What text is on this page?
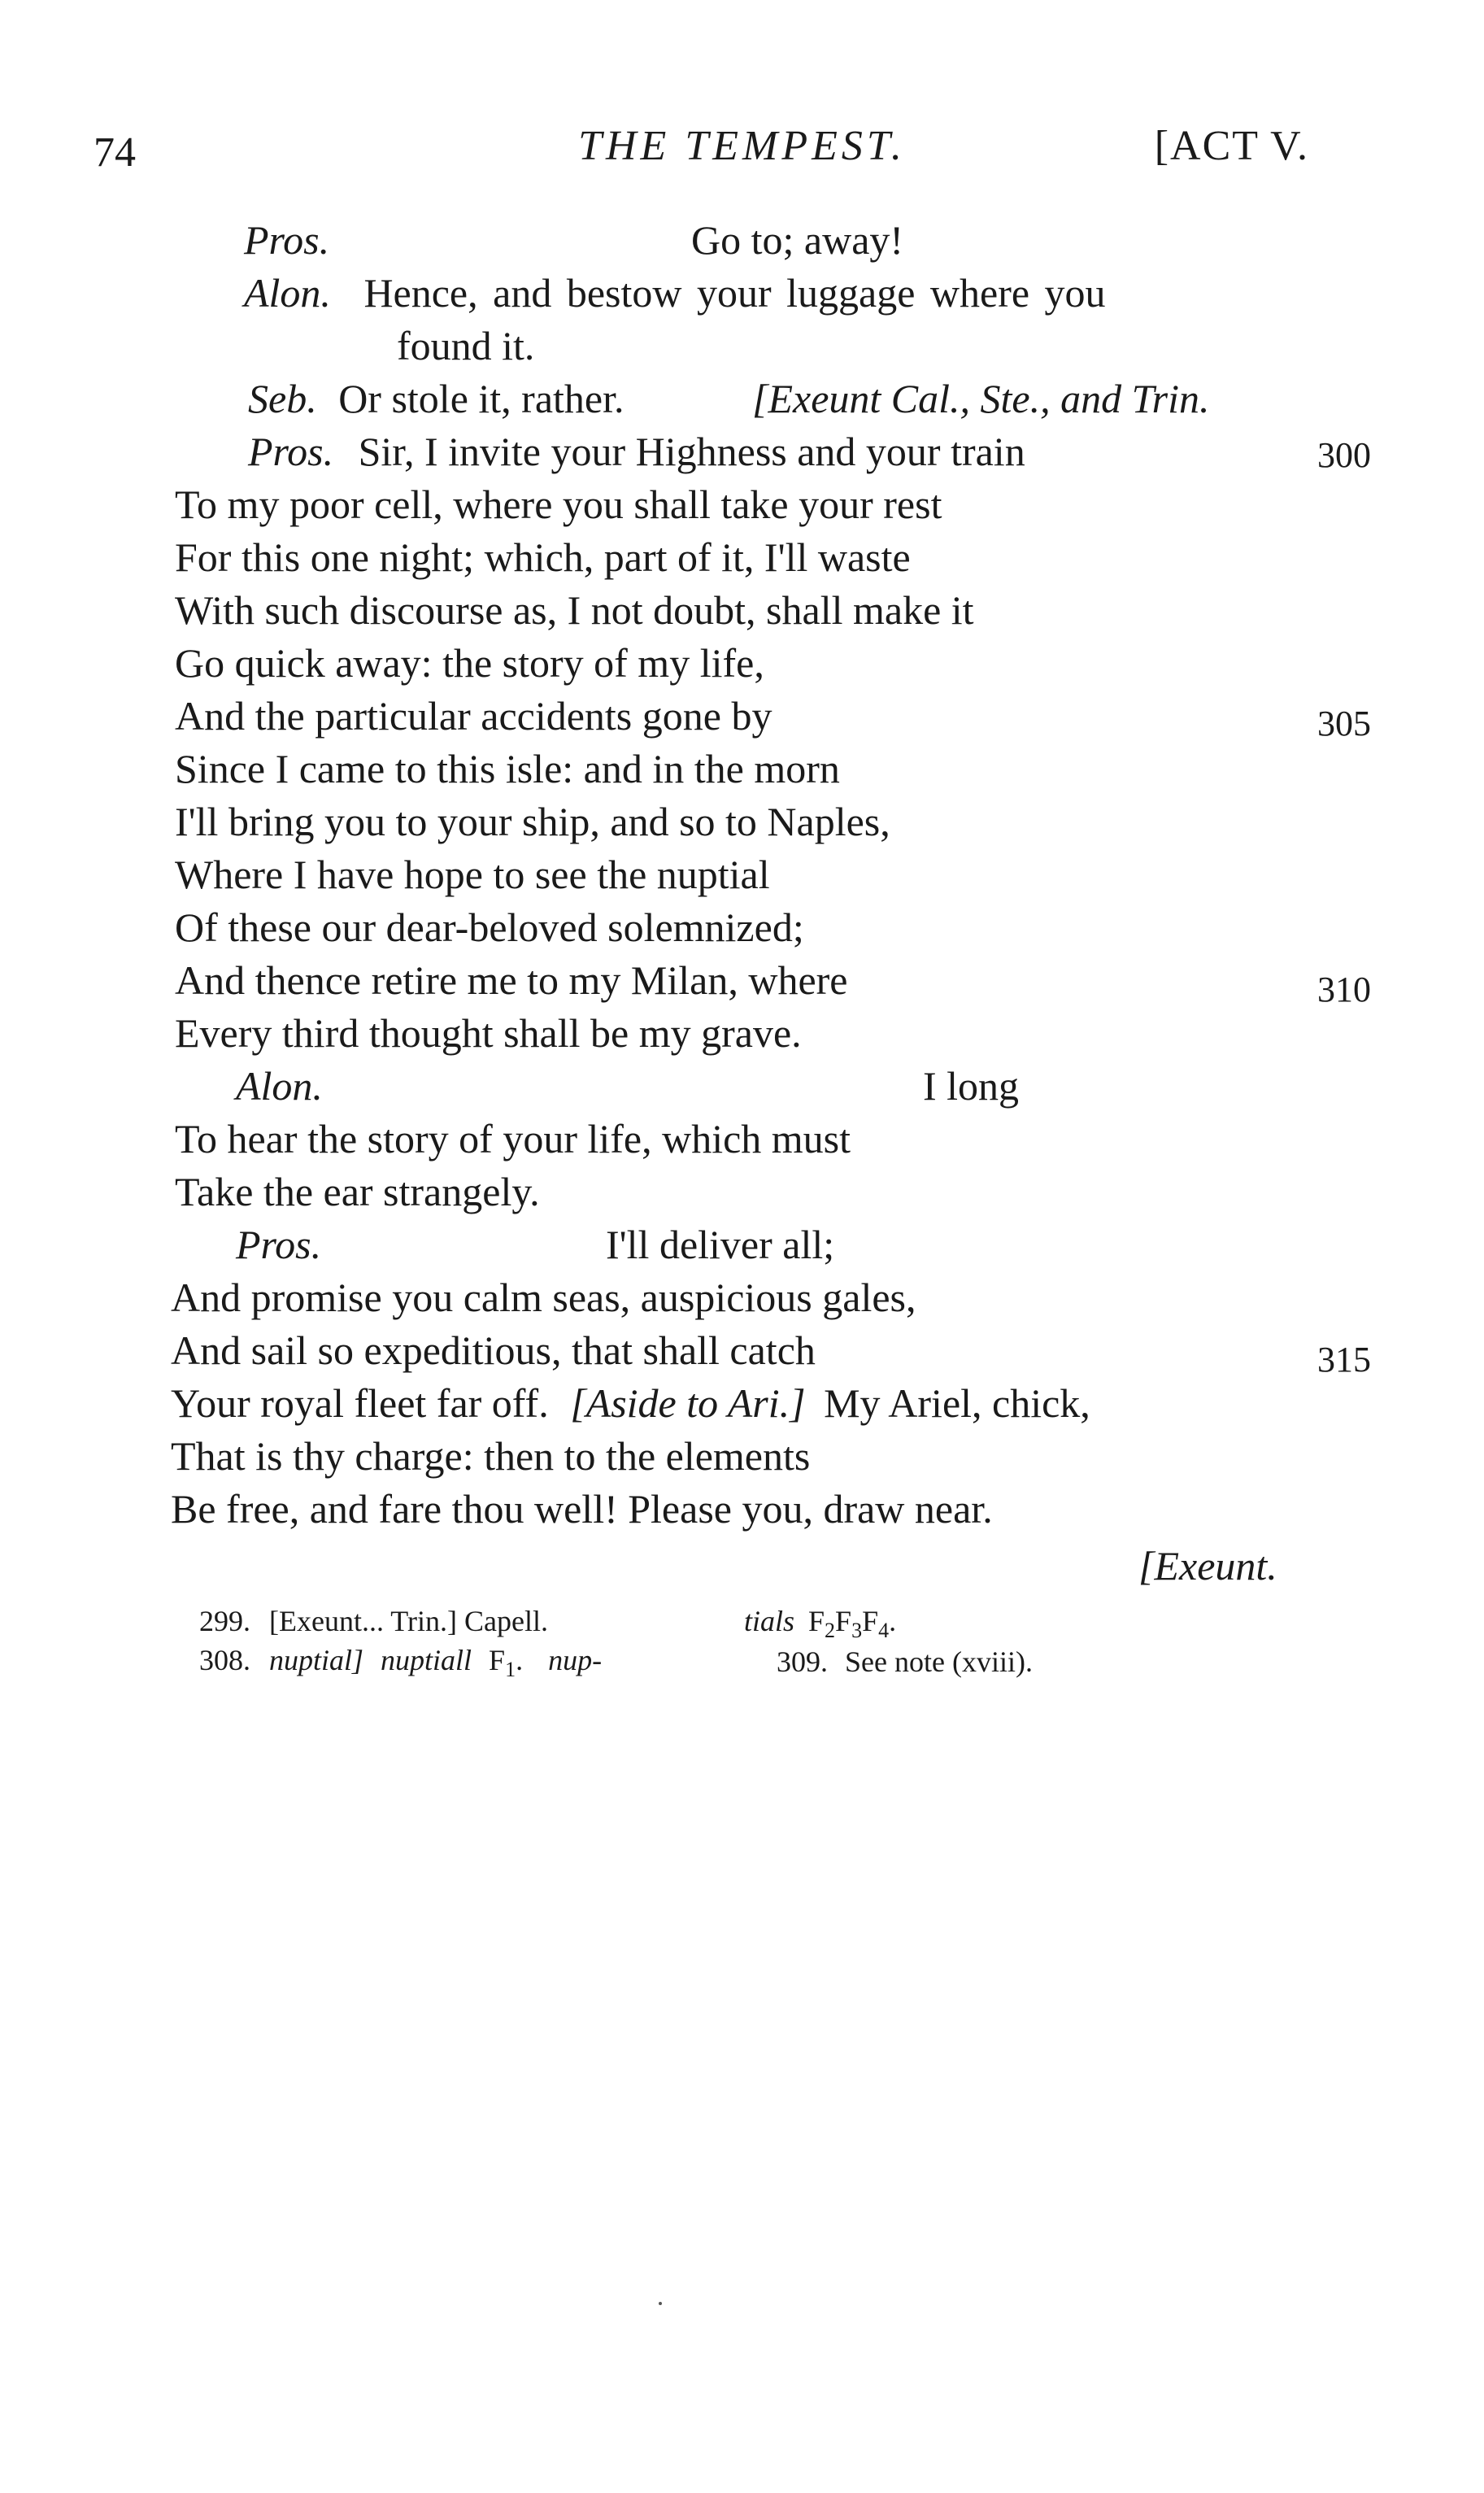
74	THE TEMPEST.	[ACT V.
Pros.	Go to; away!
Alon. Hence, and bestow your luggage where you
found it.
Seb. Or stole it, rather.	[Exeunt Cal., Ste., and Trin.
Pros. Sir, I invite your Highness and your train
To my poor cell, where you shall take your rest
For this one night; which, part of it, I'll waste
With such discourse as, I not doubt, shall make it
Go quick away: the story of my life,
And the particular accidents gone by
Since I came to this isle: and in the morn
I'll bring you to your ship, and so to Naples,
Where I have hope to see the nuptial
Of these our dear-beloved solemnized;
And thence retire me to my Milan, where
Every third thought shall be my grave.
Alon.	I long
To hear the story of your life, which must
Take the ear strangely.
Pros.	I'll deliver all;
And promise you calm seas, auspicious gales,
And sail so expeditious, that shall catch
Your royal fleet far off. [Aside to Ari.] My Ariel, chick,
That is thy charge: then to the elements
Be free, and fare thou well! Please you, draw near.
[Exeunt.
300
305
310
315
299. [Exeunt... Trin.] Capell.	tials $F_2F_3F_4$.
308. nuptial] nuptiall $F_1$. nup-	309. See note (xviii).
